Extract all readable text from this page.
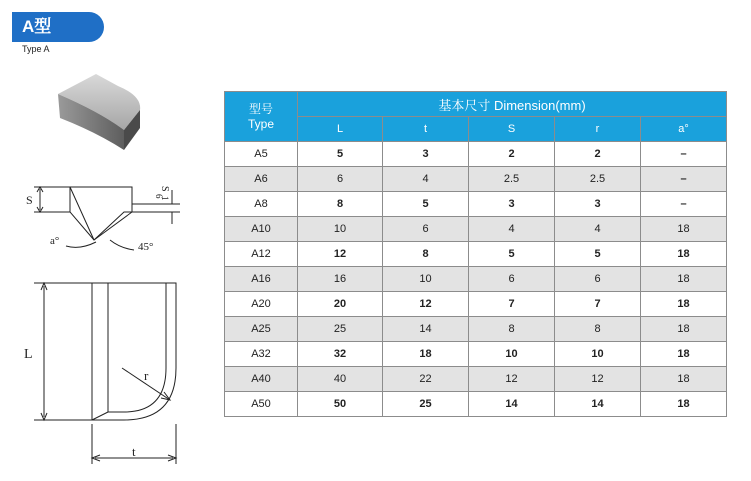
A型
Type A
S	1
6
S
a°	45°
L
r
t
型号
Type	基本尺寸 Dimension(mm)				
	L	t	S	r	a°
A5	5	3	2	2	–
A6	6	4	2.5	2.5	–
A8	8	5	3	3	–
A10	10	6	4	4	18
A12	12	8	5	5	18
A16	16	10	6	6	18
A20	20	12	7	7	18
A25	25	14	8	8	18
A32	32	18	10	10	18
A40	40	22	12	12	18
A50	50	25	14	14	18
